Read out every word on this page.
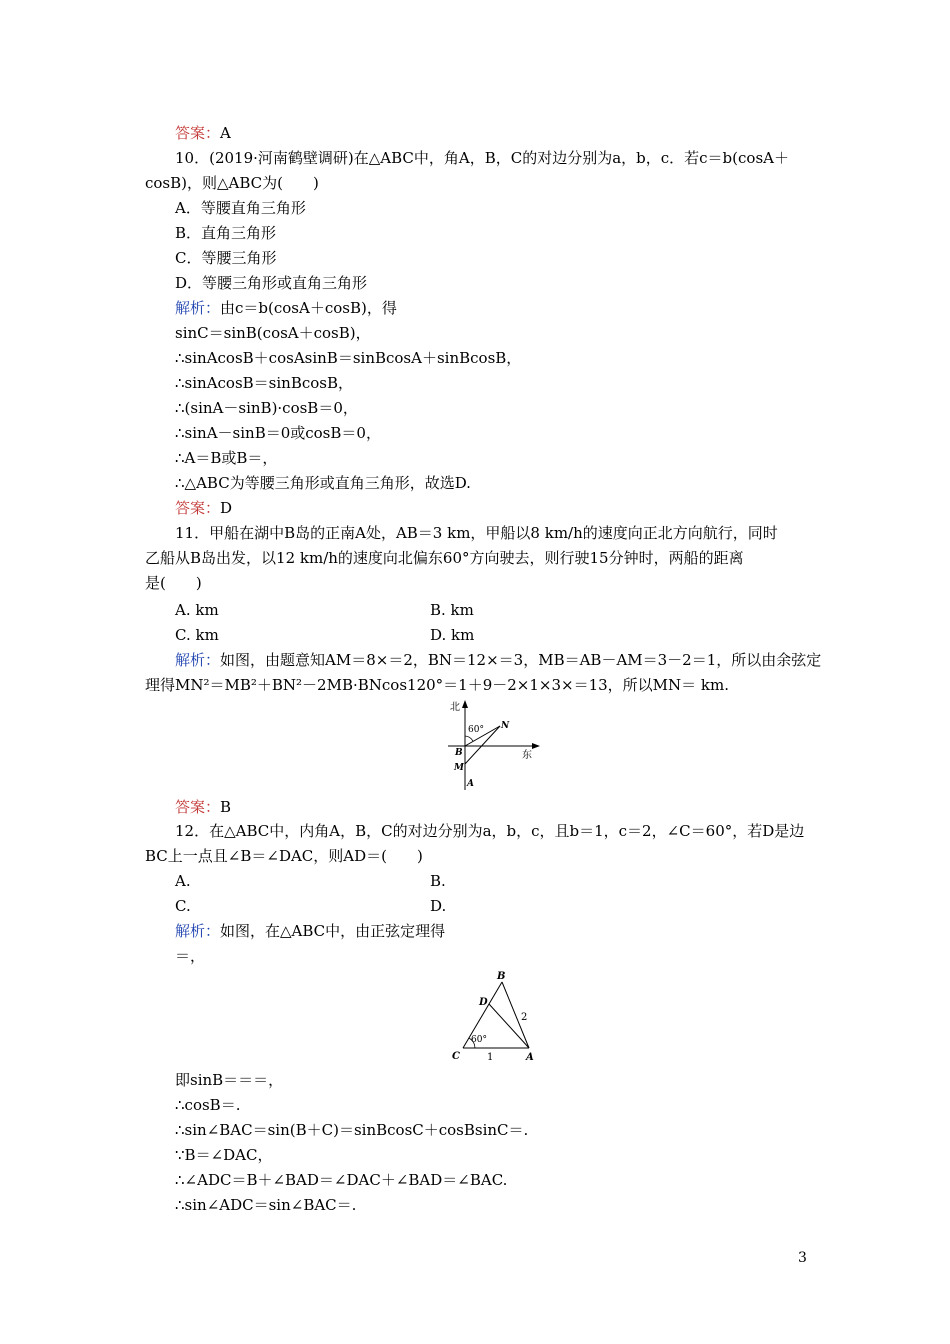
答案：A
10．(2019·河南鹤壁调研)在△ABC中，角A，B，C的对边分别为a，b，c．若c＝b(cosA＋
cosB)，则△ABC为(　　)
A．等腰直角三角形
B．直角三角形
C．等腰三角形
D．等腰三角形或直角三角形
解析：由c＝b(cosA＋cosB)，得
sinC＝sinB(cosA＋cosB)，
∴sinAcosB＋cosAsinB＝sinBcosA＋sinBcosB，
∴sinAcosB＝sinBcosB，
∴(sinA－sinB)·cosB＝0，
∴sinA－sinB＝0或cosB＝0，
∴A＝B或B＝，
∴△ABC为等腰三角形或直角三角形，故选D.
答案：D
11．甲船在湖中B岛的正南A处，AB＝3 km，甲船以8 km/h的速度向正北方向航行，同时
乙船从B岛出发，以12 km/h的速度向北偏东60°方向驶去，则行驶15分钟时，两船的距离
是(　　)
A. km	B. km
C. km	D. km
解析：如图，由题意知AM＝8×＝2，BN＝12×＝3，MB＝AB－AM＝3－2＝1，所以由余弦定
理得MN²＝MB²＋BN²－2MB·BNcos120°＝1＋9－2×1×3×＝13，所以MN＝ km.
北
60° N
B
M
A
东
答案：B
12．在△ABC中，内角A，B，C的对边分别为a，b，c，且b＝1，c＝2，∠C＝60°，若D是边
BC上一点且∠B＝∠DAC，则AD＝(　　)
A.	B.
C.	D.
解析：如图，在△ABC中，由正弦定理得
＝，
B
D
2
60°
C	1	A
即sinB＝＝＝，
∴cosB＝.
∴sin∠BAC＝sin(B＋C)＝sinBcosC＋cosBsinC＝.
∵B＝∠DAC，
∴∠ADC＝B＋∠BAD＝∠DAC＋∠BAD＝∠BAC.
∴sin∠ADC＝sin∠BAC＝.
3
